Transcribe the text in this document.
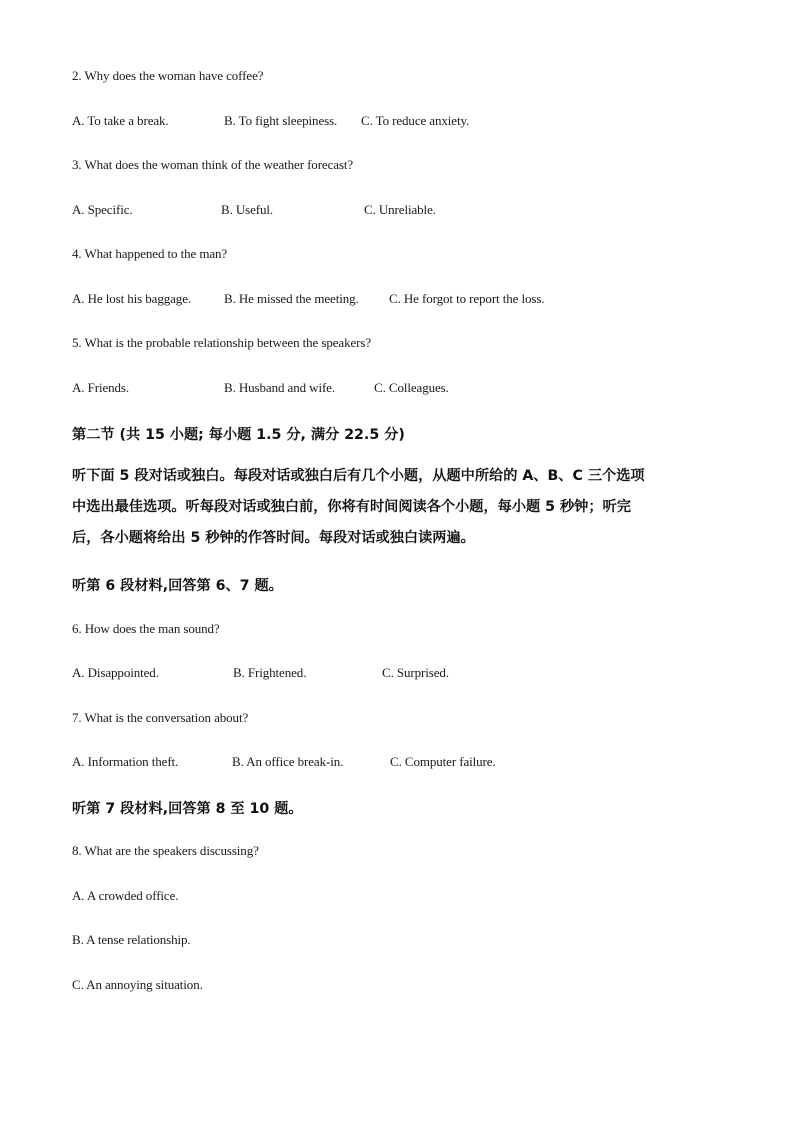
2. Why does the woman have coffee?
A. To take a break.	B. To fight sleepiness. C. To reduce anxiety.
3. What does the woman think of the weather forecast?
A. Specific.	B. Useful.	C. Unreliable.
4. What happened to the man?
A. He lost his baggage.	B. He missed the meeting. C. He forgot to report the loss.
5. What is the probable relationship between the speakers?
A. Friends.	B. Husband and wife.	C. Colleagues.
第二节 (共 15 小题; 每小题 1.5 分, 满分 22.5 分)
听下面 5 段对话或独白。每段对话或独白后有几个小题，从题中所给的 A、B、C 三个选项
中选出最佳选项。听每段对话或独白前，你将有时间阅读各个小题，每小题 5 秒钟；听完
后，各小题将给出 5 秒钟的作答时间。每段对话或独白读两遍。
听第 6 段材料,回答第 6、7 题。
6. How does the man sound?
A. Disappointed.	B. Frightened.	C. Surprised.
7. What is the conversation about?
A. Information theft.	B. An office break-in.	C. Computer failure.
听第 7 段材料,回答第 8 至 10 题。
8. What are the speakers discussing?
A. A crowded office.
B. A tense relationship.
C. An annoying situation.
